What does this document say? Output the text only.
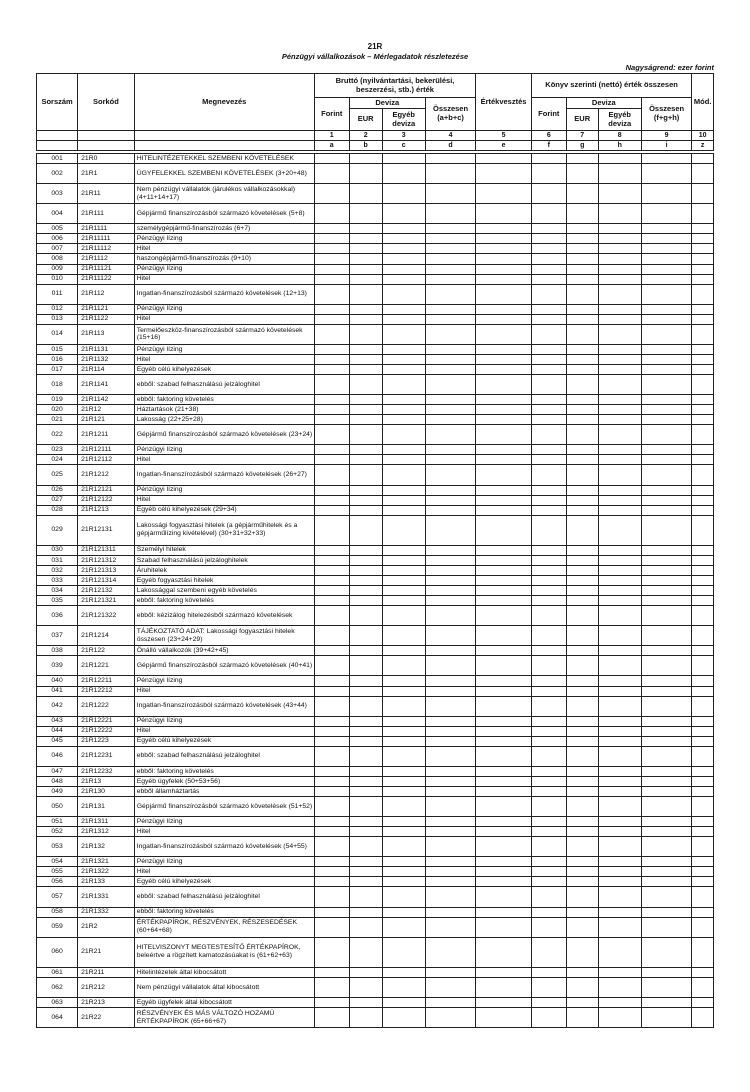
21R
Pénzügyi vállalkozások – Mérlegadatok részletezése
Nagyságrend: ezer forint
Sorszám	Sorkód	Megnevezés	Bruttó (nyilvántartási, bekerülési, beszerzési, stb.) érték				Értékvesztés	Könyv szerinti (nettó) érték összesen				Mód.
			Forint	Deviza		Összesen (a+b+c)		Forint	Deviza		Összesen (f+g+h)	
				EUR	Egyéb deviza				EUR	Egyéb deviza		
			1	2	3	4	5	6	7	8	9	10
			a	b	c	d	e	f	g	h	i	z

001	21R0	HITELINTÉZETEKKEL SZEMBENI KÖVETELÉSEK										
002	21R1	ÜGYFELEKKEL SZEMBENI KÖVETELÉSEK (3+20+48)										
003	21R11	Nem pénzügyi vállalatok (járulékos vállalkozásokkal) (4+11+14+17)										
004	21R111	Gépjármű finanszírozásból származó követelések (5+8)										
005	21R1111	személygépjármű-finanszírozás (6+7)										
006	21R11111	Pénzügyi lízing										
007	21R11112	Hitel										
008	21R1112	haszongépjármű-finanszírozás (9+10)										
009	21R11121	Pénzügyi lízing										
010	21R11122	Hitel										
011	21R112	Ingatlan-finanszírozásból származó követelések (12+13)										
012	21R1121	Pénzügyi lízing										
013	21R1122	Hitel										
014	21R113	Termelőeszköz-finanszírozásból származó követelések (15+16)										
015	21R1131	Pénzügyi lízing										
016	21R1132	Hitel										
017	21R114	Egyéb célú kihelyezések										
018	21R1141	ebből: szabad felhasználású jelzáloghitel										
019	21R1142	ebből: faktoring követelés										
020	21R12	Háztartások (21+38)										
021	21R121	Lakosság (22+25+28)										
022	21R1211	Gépjármű finanszírozásból származó követelések (23+24)										
023	21R12111	Pénzügyi lízing										
024	21R12112	Hitel										
025	21R1212	Ingatlan-finanszírozásból származó követelések (26+27)										
026	21R12121	Pénzügyi lízing										
027	21R12122	Hitel										
028	21R1213	Egyéb célú kihelyezések (29+34)										
029	21R12131	Lakossági fogyasztási hitelek (a gépjárműhitelek és a gépjárműlízing kivételével) (30+31+32+33)										
030	21R121311	Személyi hitelek										
031	21R121312	Szabad felhasználású jelzáloghitelek										
032	21R121313	Áruhitelek										
033	21R121314	Egyéb fogyasztási hitelek										
034	21R12132	Lakossággal szembeni egyéb követelés										
035	21R121321	ebből: faktoring követelés										
036	21R121322	ebből: kézizálog hitelezésből származó követelések										
037	21R1214	TÁJÉKOZTATÓ ADAT: Lakossági fogyasztási hitelek összesen (23+24+29)										
038	21R122	Önálló vállalkozók (39+42+45)										
039	21R1221	Gépjármű finanszírozásból származó követelések (40+41)										
040	21R12211	Pénzügyi lízing										
041	21R12212	Hitel										
042	21R1222	Ingatlan-finanszírozásból származó követelések (43+44)										
043	21R12221	Pénzügyi lízing										
044	21R12222	Hitel										
045	21R1223	Egyéb célú kihelyezések										
046	21R12231	ebből: szabad felhasználású jelzáloghitel										
047	21R12232	ebből: faktoring követelés										
048	21R13	Egyéb ügyfelek (50+53+56)										
049	21R130	ebből államháztartás										
050	21R131	Gépjármű finanszírozásból származó követelések (51+52)										
051	21R1311	Pénzügyi lízing										
052	21R1312	Hitel										
053	21R132	Ingatlan-finanszírozásból származó követelések (54+55)										
054	21R1321	Pénzügyi lízing										
055	21R1322	Hitel										
056	21R133	Egyéb célú kihelyezések										
057	21R1331	ebből: szabad felhasználású jelzáloghitel										
058	21R1332	ebből: faktoring követelés										
059	21R2	ÉRTÉKPAPÍROK, RÉSZVÉNYEK, RÉSZESEDÉSEK (60+64+68)										
060	21R21	HITELVISZONYT MEGTESTESÍTŐ ÉRTÉKPAPÍROK, beleértve a rögzített kamatozásúakat is (61+62+63)										
061	21R211	Hitelintézetek által kibocsátott										
062	21R212	Nem pénzügyi vállalatok által kibocsátott										
063	21R213	Egyéb ügyfelek által kibocsátott										
064	21R22	RÉSZVÉNYEK ÉS MÁS VÁLTOZÓ HOZAMÚ ÉRTÉKPAPÍROK (65+66+67)										
